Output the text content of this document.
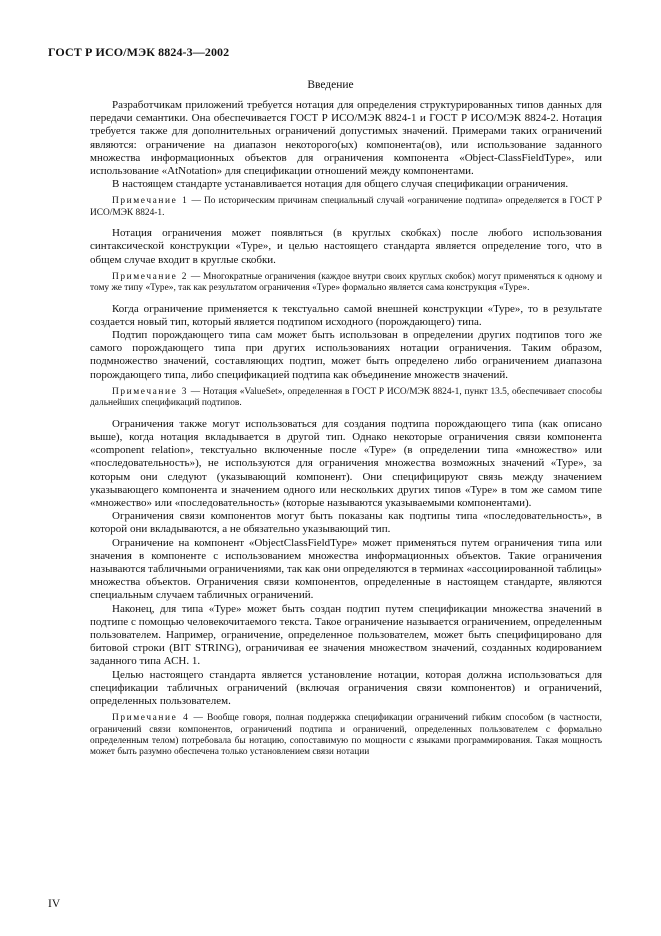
ГОСТ Р ИСО/МЭК 8824-3—2002
Введение

Разработчикам приложений требуется нотация для определения структурированных типов данных для передачи семантики. Она обеспечивается ГОСТ Р ИСО/МЭК 8824-1 и ГОСТ Р ИСО/МЭК 8824-2. Нотация требуется также для дополнительных ограничений допустимых значений. Примерами таких ограничений являются: ограничение на диапазон некоторого(ых) компонента(ов), или использование заданного множества информационных объектов для ограничения компонента «Object-ClassFieldType», или использование «AtNotation» для спецификации отношений между компонентами.

В настоящем стандарте устанавливается нотация для общего случая спецификации ограничения.

Примечание 1 — По историческим причинам специальный случай «ограничение подтипа» определяется в ГОСТ Р ИСО/МЭК 8824-1.

Нотация ограничения может появляться (в круглых скобках) после любого использования синтаксической конструкции «Type», и целью настоящего стандарта является определение того, что в общем случае входит в круглые скобки.

Примечание 2 — Многократные ограничения (каждое внутри своих круглых скобок) могут применяться к одному и тому же типу «Type», так как результатом ограничения «Type» формально является сама конструкция «Type».

Когда ограничение применяется к текстуально самой внешней конструкции «Type», то в результате создается новый тип, который является подтипом исходного (порождающего) типа.

Подтип порождающего типа сам может быть использован в определении других подтипов того же самого порождающего типа при других использованиях нотации ограничения. Таким образом, подмножество значений, составляющих подтип, может быть определено либо ограничением диапазона порождающего типа, либо спецификацией подтипа как объединение множеств значений.

Примечание 3 — Нотация «ValueSet», определенная в ГОСТ Р ИСО/МЭК 8824-1, пункт 13.5, обеспечивает способы дальнейших спецификаций подтипов.

Ограничения также могут использоваться для создания подтипа порождающего типа (как описано выше), когда нотация вкладывается в другой тип. Однако некоторые ограничения связи компонента «component relation», текстуально включенные после «Type» (в определении типа «множество» или «последовательность»), не используются для ограничения множества возможных значений «Type», за которым они следуют (указывающий компонент). Они специфицируют связь между значением указывающего компонента и значением одного или нескольких других типов «Type» в том же самом типе «множество» или «последовательность» (которые называются указываемыми компонентами).

Ограничения связи компонентов могут быть показаны как подтипы типа «последовательность», в которой они вкладываются, а не обязательно указывающий тип.

Ограничение на компонент «ObjectClassFieldType» может применяться путем ограничения типа или значения в компоненте с использованием множества информационных объектов. Такие ограничения называются табличными ограничениями, так как они определяются в терминах «ассоциированной таблицы» множества объектов. Ограничения связи компонентов, определенные в настоящем стандарте, являются специальным случаем табличных ограничений.

Наконец, для типа «Type» может быть создан подтип путем спецификации множества значений в подтипе с помощью человекочитаемого текста. Такое ограничение называется ограничением, определенным пользователем. Например, ограничение, определенное пользователем, может быть специфицировано для битовой строки (BIT STRING), ограничивая ее значения множеством значений, созданных кодированием заданного типа АСН. 1.

Целью настоящего стандарта является установление нотации, которая должна использоваться для спецификации табличных ограничений (включая ограничения связи компонентов) и ограничений, определенных пользователем.

Примечание 4 — Вообще говоря, полная поддержка спецификации ограничений гибким способом (в частности, ограничений связи компонентов, ограничений подтипа и ограничений, определенных пользователем с формально определенным телом) потребовала бы нотацию, сопоставимую по мощности с языками программирования. Такая мощность может быть разумно обеспечена только установлением связи нотации

IV
